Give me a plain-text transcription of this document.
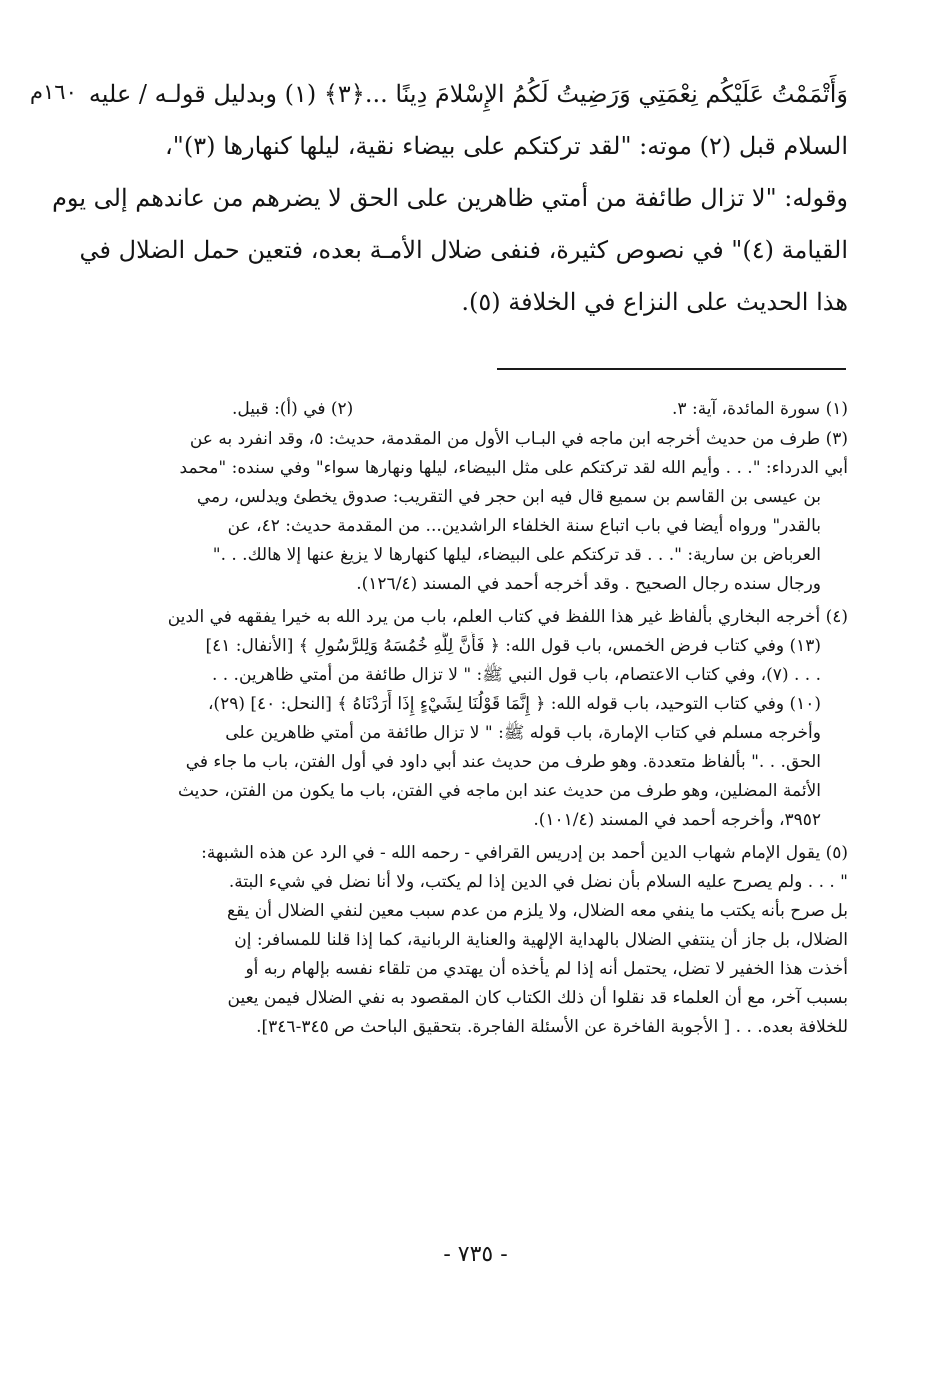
١٦٠م وَأَتْمَمْتُ عَلَيْكُم نِعْمَتِي وَرَضِيتُ لَكُمُ الإِسْلامَ دِينًا ...﴿٣﴾ (١) وبدليل قولـه / عليه

السلام قبل (٢) موته: "لقد تركتكم على بيضاء نقية، ليلها كنهارها (٣)"،

وقوله: "لا تزال طائفة من أمتي ظاهرين على الحق لا يضرهم من عاندهم إلى يوم

القيامة (٤)" في نصوص كثيرة، فنفى ضلال الأمـة بعده، فتعين حمل الضلال في

هذا الحديث على النزاع في الخلافة (٥).

(١) سورة المائدة، آية: ٣.
(٢) في (أ): قبيل.
(٣) طرف من حديث أخرجه ابن ماجه في البـاب الأول من المقدمة، حديث: ٥، وقد انفرد به عن
أبي الدرداء: ". . . وأيم الله لقد تركتكم على مثل البيضاء، ليلها ونهارها سواء" وفي سنده: "محمد
بن عيسى بن القاسم بن سميع قال فيه ابن حجر في التقريب: صدوق يخطئ ويدلس، رمي
بالقدر" ورواه أيضا في باب اتباع سنة الخلفاء الراشدين... من المقدمة حديث: ٤٢، عن
العرباض بن سارية: ". . . قد تركتكم على البيضاء، ليلها كنهارها لا يزيغ عنها إلا هالك. . ."
ورجال سنده رجال الصحيح . وقد أخرجه أحمد في المسند (١٢٦/٤).
(٤) أخرجه البخاري بألفاظ غير هذا اللفظ في كتاب العلم، باب من يرد الله به خيرا يفقهه في الدين
(١٣) وفي كتاب فرض الخمس، باب قول الله: ﴿ فَأَنَّ لِلَّهِ خُمُسَهُ وَلِلرَّسُولِ ﴾ [الأنفال: ٤١]
. . . (٧)، وفي كتاب الاعتصام، باب قول النبي ﷺ: " لا تزال طائفة من أمتي ظاهرين. . .
(١٠) وفي كتاب التوحيد، باب قوله الله: ﴿ إِنَّمَا قَوْلُنَا لِشَيْءٍ إِذَا أَرَدْنَاهُ ﴾ [النحل: ٤٠] (٢٩)،
وأخرجه مسلم في كتاب الإمارة، باب قوله ﷺ: " لا تزال طائفة من أمتي ظاهرين على
الحق. . ." بألفاظ متعددة. وهو طرف من حديث عند أبي داود في أول الفتن، باب ما جاء في
الأئمة المضلين، وهو طرف من حديث عند ابن ماجه في الفتن، باب ما يكون من الفتن، حديث
٣٩٥٢، وأخرجه أحمد في المسند (١٠١/٤).
(٥) يقول الإمام شهاب الدين أحمد بن إدريس القرافي - رحمه الله - في الرد عن هذه الشبهة:
" . . . ولم يصرح عليه السلام بأن نضل في الدين إذا لم يكتب، ولا أنا نضل في شيء البتة.
بل صرح بأنه يكتب ما ينفي معه الضلال، ولا يلزم من عدم سبب معين لنفي الضلال أن يقع
الضلال، بل جاز أن ينتفي الضلال بالهداية الإلهية والعناية الربانية، كما إذا قلنا للمسافر: إن
أخذت هذا الخفير لا تضل، يحتمل أنه إذا لم يأخذه أن يهتدي من تلقاء نفسه بإلهام ربه أو
بسبب آخر، مع أن العلماء قد نقلوا أن ذلك الكتاب كان المقصود به نفي الضلال فيمن يعين
للخلافة بعده. . . [ الأجوبة الفاخرة عن الأسئلة الفاجرة. بتحقيق الباحث ص ٣٤٥-٣٤٦].
- ٧٣٥ -
